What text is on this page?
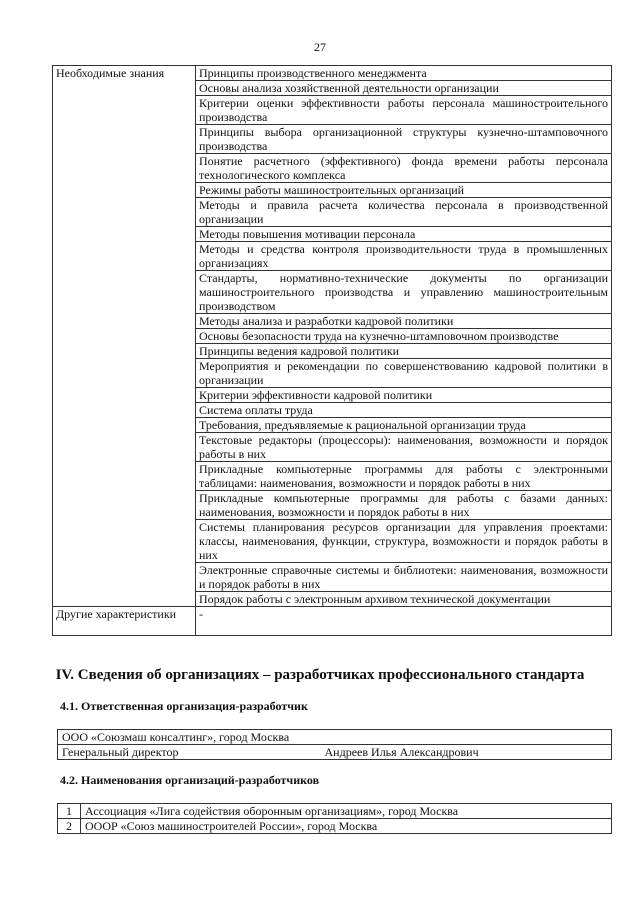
27
Необходимые знания	Принципы производственного менеджмента
	Основы анализа хозяйственной деятельности организации
	Критерии оценки эффективности работы персонала машиностроительного производства
	Принципы выбора организационной структуры кузнечно-штамповочного производства
	Понятие расчетного (эффективного) фонда времени работы персонала технологического комплекса
	Режимы работы машиностроительных организаций
	Методы и правила расчета количества персонала в производственной организации
	Методы повышения мотивации персонала
	Методы и средства контроля производительности труда в промышленных организациях
	Стандарты, нормативно-технические документы по организации машиностроительного производства и управлению машиностроительным производством
	Методы анализа и разработки кадровой политики
	Основы безопасности труда на кузнечно-штамповочном производстве
	Принципы ведения кадровой политики
	Мероприятия и рекомендации по совершенствованию кадровой политики в организации
	Критерии эффективности кадровой политики
	Система оплаты труда
	Требования, предъявляемые к рациональной организации труда
	Текстовые редакторы (процессоры): наименования, возможности и порядок работы в них
	Прикладные компьютерные программы для работы с электронными таблицами: наименования, возможности и порядок работы в них
	Прикладные компьютерные программы для работы с базами данных: наименования, возможности и порядок работы в них
	Системы планирования ресурсов организации для управления проектами: классы, наименования, функции, структура, возможности и порядок работы в них
	Электронные справочные системы и библиотеки: наименования, возможности и порядок работы в них
	Порядок работы с электронным архивом технической документации
Другие характеристики	-
IV. Сведения об организациях – разработчиках профессионального стандарта
4.1. Ответственная организация-разработчик
ООО «Союзмаш консалтинг», город Москва
Генеральный директор	Андреев Илья Александрович
4.2. Наименования организаций-разработчиков
1	Ассоциация «Лига содействия оборонным организациям», город Москва
2	ОООР «Союз машиностроителей России», город Москва
